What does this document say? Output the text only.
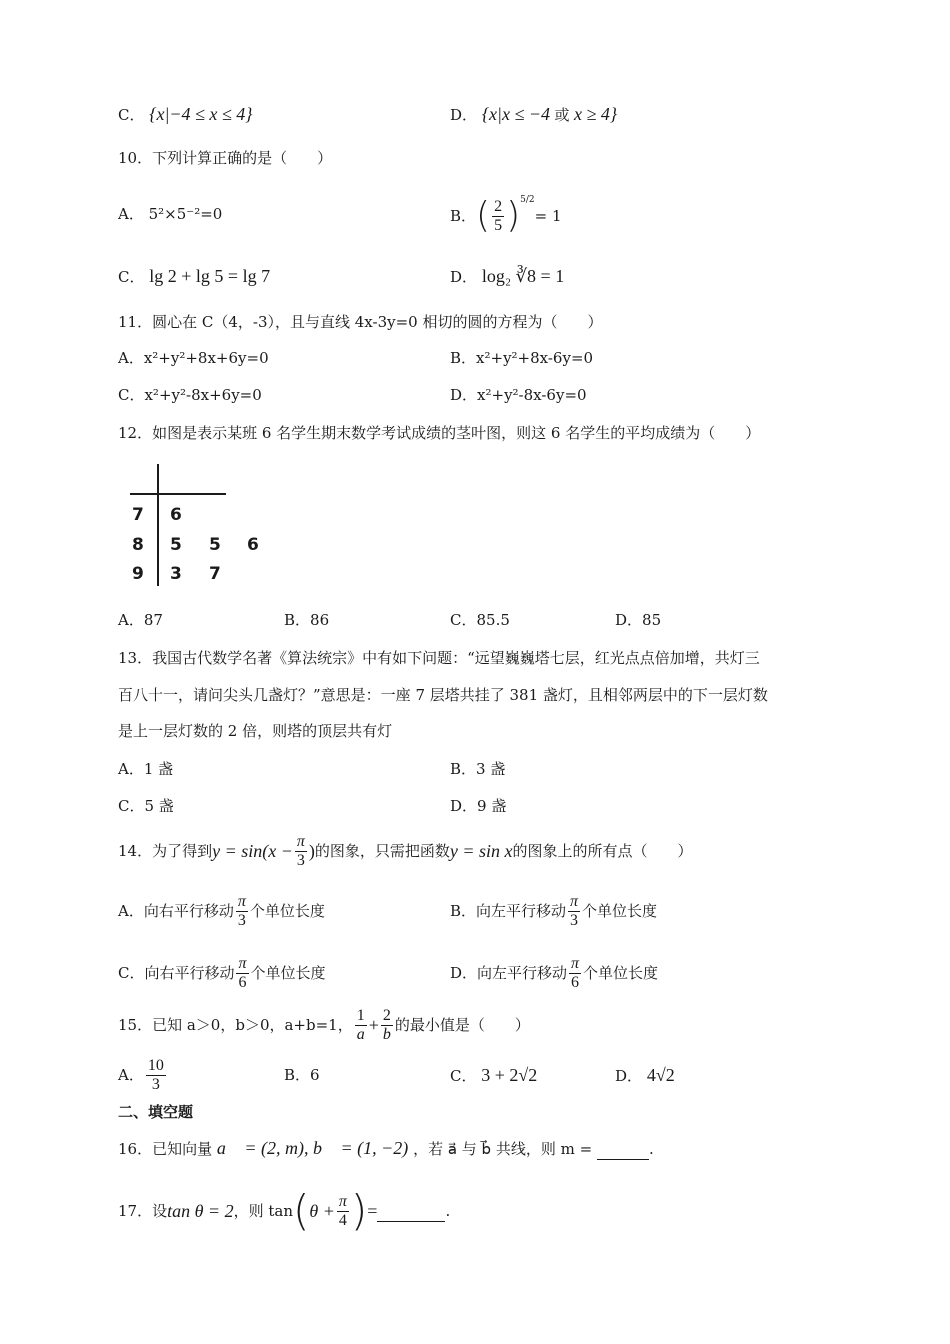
C． {x|−4 ≤ x ≤ 4}	D． {x|x ≤ −4 或 x ≥ 4}
10．下列计算正确的是（　　）
A． 5²×5⁻²=0	B． ( $\frac{2}{5}$ ) 5/2
= 1
C． lg 2 + lg 5 = lg 7	D． log₂ ∛8 = 1
11．圆心在 C（4，-3），且与直线 4x-3y=0 相切的圆的方程为（　　）
A．x²+y²+8x+6y=0	B．x²+y²+8x-6y=0
C．x²+y²-8x+6y=0	D．x²+y²-8x-6y=0
12．如图是表示某班 6 名学生期末数学考试成绩的茎叶图，则这 6 名学生的平均成绩为（　　）
7 6
8 5 5 6
9 3 7
A．87	B．86	C．85.5	D．85
13．我国古代数学名著《算法统宗》中有如下问题：“远望巍巍塔七层，红光点点倍加增，共灯三
百八十一，请问尖头几盏灯？”意思是：一座 7 层塔共挂了 381 盏灯，且相邻两层中的下一层灯数
是上一层灯数的 2 倍，则塔的顶层共有灯
A．1 盏	B．3 盏
C．5 盏	D．9 盏
14．为了得到 $y = \sin(x - \frac{\pi}{3}$ ) 的图象，只需把函数 y = sin x 的图象上的所有点（　　）
A．向右平行移动 $\frac{\pi}{3}$ 个单位长度	B．向左平行移动 $\frac{\pi}{3}$ 个单位长度
C．向右平行移动 $\frac{\pi}{6}$ 个单位长度	D．向左平行移动 $\frac{\pi}{6}$ 个单位长度
15．已知 a＞0，b＞0，a+b=1， $\frac{1}{a} + \frac{2}{b}$ 的最小值是（　　）
A． $\frac{10}{3}$	B．6	C． 3 + 2√2	D． 4√2
二、填空题
16．已知向量 a⃗ = (2, m), b⃗ = (1, −2) ，若 a⃗ 与 b⃗ 共线，则 m =	.
17．设 tan θ = 2 ，则 tan ( $\theta + \frac{\pi}{4}$ ) =
	.
